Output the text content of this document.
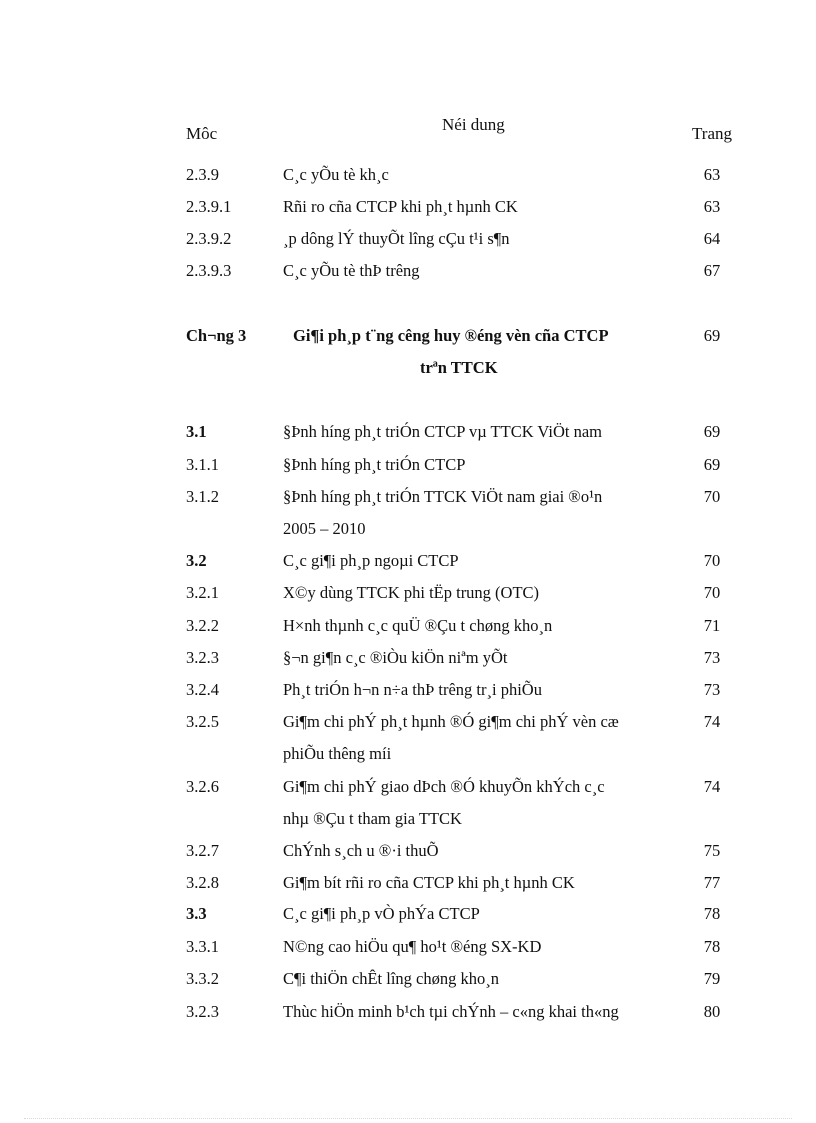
Môc	Néi dung	Trang
2.3.9	C¸c yÕu tè kh¸c	63
2.3.9.1	Rñi ro cña CTCP khi ph¸t hµnh CK	63
2.3.9.2	¸p dông lÝ thuyÕt lîng cÇu t¹i s¶n	64
2.3.9.3	C¸c yÕu tè thÞ trêng	67
Ch¬ng 3	Gi¶i ph¸p t¨ng cêng huy ®éng vèn cña CTCP	69
trªn TTCK
3.1	§Þnh híng ph¸t triÓn CTCP vµ TTCK ViÖt nam	69
3.1.1	§Þnh híng ph¸t triÓn CTCP	69
3.1.2	§Þnh híng ph¸t triÓn TTCK ViÖt nam giai ®o¹n	70
2005 – 2010
3.2	C¸c gi¶i ph¸p ngoµi CTCP	70
3.2.1	X©y dùng TTCK phi tËp trung (OTC)	70
3.2.2	H×nh thµnh c¸c quÜ ®Çu t chøng kho¸n	71
3.2.3	§¬n gi¶n c¸c ®iÒu kiÖn niªm yÕt	73
3.2.4	Ph¸t triÓn h¬n n÷a thÞ trêng tr¸i phiÕu	73
3.2.5	Gi¶m chi phÝ ph¸t hµnh ®Ó gi¶m chi phÝ vèn cæ	74
phiÕu thêng míi
3.2.6	Gi¶m chi phÝ giao dÞch ®Ó khuyÕn khÝch c¸c	74
nhµ ®Çu t tham gia TTCK
3.2.7	ChÝnh s¸ch u ®·i thuÕ	75
3.2.8	Gi¶m bít rñi ro cña CTCP khi ph¸t hµnh CK	77
3.3	C¸c gi¶i ph¸p vÒ phÝa CTCP	78
3.3.1	N©ng cao hiÖu qu¶ ho¹t ®éng SX-KD	78
3.3.2	C¶i thiÖn chÊt lîng chøng kho¸n	79
3.2.3	Thùc hiÖn minh b¹ch tµi chÝnh – c«ng khai th«ng	80
